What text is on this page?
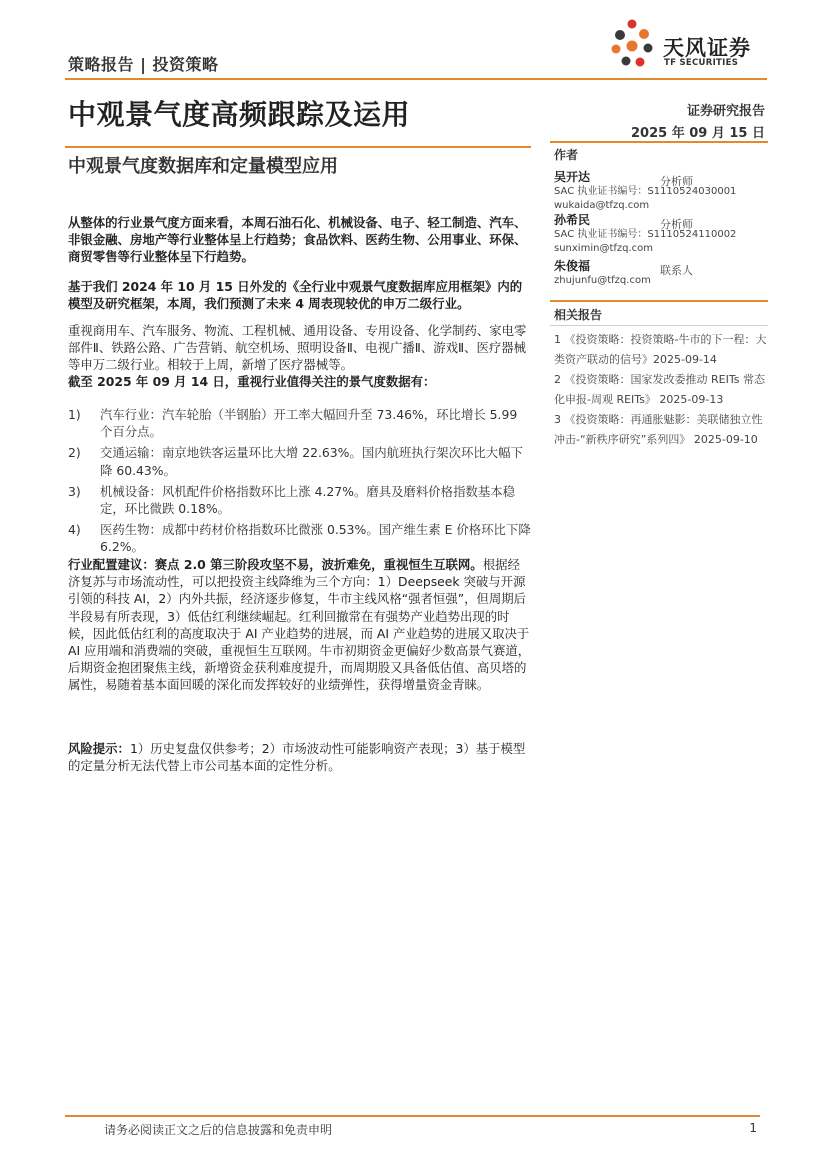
策略报告 | 投资策略
天风证券
TF SECURITIES
中观景气度高频跟踪及运用	证券研究报告
2025 年 09 月 15 日
中观景气度数据库和定量模型应用
作者
吴开达	分析师
SAC 执业证书编号：S1110524030001
wukaida@tfzq.com
孙希民	分析师
SAC 执业证书编号：S1110524110002
sunximin@tfzq.com
朱俊福	联系人
zhujunfu@tfzq.com
相关报告
1 《投资策略：投资策略-牛市的下一程：大类资产联动的信号》2025-09-14
2 《投资策略：国家发改委推动 REITs 常态化申报-周观 REITs》 2025-09-13
3 《投资策略：再通胀魅影：美联储独立性冲击-“新秩序研究”系列四》 2025-09-10
从整体的行业景气度方面来看，本周石油石化、机械设备、电子、轻工制造、汽车、非银金融、房地产等行业整体呈上行趋势；食品饮料、医药生物、公用事业、环保、商贸零售等行业整体呈下行趋势。
基于我们 2024 年 10 月 15 日外发的《全行业中观景气度数据库应用框架》内的模型及研究框架，本周，我们预测了未来 4 周表现较优的申万二级行业。
重视商用车、汽车服务、物流、工程机械、通用设备、专用设备、化学制药、家电零部件Ⅱ、铁路公路、广告营销、航空机场、照明设备Ⅱ、电视广播Ⅱ、游戏Ⅱ、医疗器械等申万二级行业。相较于上周，新增了医疗器械等。
截至 2025 年 09 月 14 日，重视行业值得关注的景气度数据有：
1) 汽车行业：汽车轮胎（半钢胎）开工率大幅回升至 73.46%，环比增长 5.99 个百分点。
2) 交通运输：南京地铁客运量环比大增 22.63%。国内航班执行架次环比大幅下降 60.43%。
3) 机械设备：风机配件价格指数环比上涨 4.27%。磨具及磨料价格指数基本稳定，环比微跌 0.18%。
4) 医药生物：成都中药材价格指数环比微涨 0.53%。国产维生素 E 价格环比下降 6.2%。
行业配置建议：赛点 2.0 第三阶段攻坚不易，波折难免，重视恒生互联网。根据经济复苏与市场流动性，可以把投资主线降维为三个方向：1）Deepseek 突破与开源引领的科技 AI，2）内外共振，经济逐步修复，牛市主线风格“强者恒强”，但周期后半段易有所表现，3）低估红利继续崛起。红利回撤常在有强势产业趋势出现的时候，因此低估红利的高度取决于 AI 产业趋势的进展，而 AI 产业趋势的进展又取决于 AI 应用端和消费端的突破，重视恒生互联网。牛市初期资金更偏好少数高景气赛道，后期资金抱团聚焦主线，新增资金获利难度提升，而周期股又具备低估值、高贝塔的属性，易随着基本面回暖的深化而发挥较好的业绩弹性，获得增量资金青睐。
风险提示：1）历史复盘仅供参考；2）市场波动性可能影响资产表现；3）基于模型的定量分析无法代替上市公司基本面的定性分析。
请务必阅读正文之后的信息披露和免责申明	1
